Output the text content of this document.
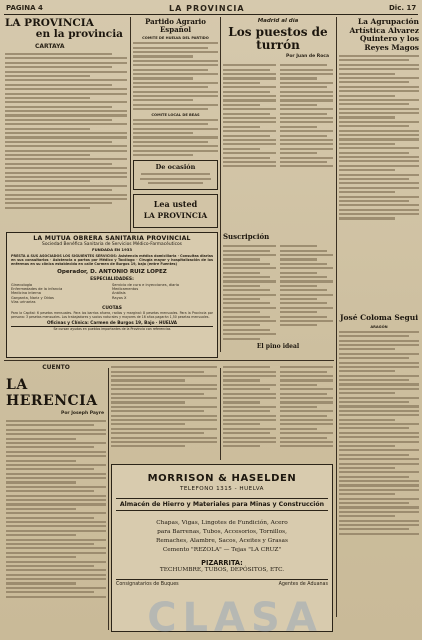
PAGINA 4	LA PROVINCIA	Dic. 17
LA PROVINCIA
en la provincia
CARTAYA
Partido Agrario Español
COMITE DE HUELVA DEL PARTIDO
COMITE LOCAL DE BEAS
De ocasión
Lea usted
LA PROVINCIA
Madrid al día
Los puestos de turrón
Por Juan de Roca
La Agrupación Artística Alvarez Quintero y los Reyes Magos
José Coloma Segui
ARAGÓN
LA MUTUA OBRERA SANITARIA PROVINCIAL
Sociedad Benéfica Sanitaria de Servicios Médico-Farmacéuticos
FUNDADA EN 1933
PRESTA A SUS ASOCIADOS LOS SIGUIENTES SERVICIOS: Asistencia médica domiciliaria · Consultas diarias en sus consultorios · Asistencia a partos por Médico y Tocólogo · Cirugía mayor y hospitalización de los enfermos en su clínica establecida en calle Carmen de Burgos 19, bajo (entre Fuentes)
Operador, D. ANTONIO RUIZ LOPEZ
ESPECIALIDADES:
Ginecología
Enfermedades de la infancia
Medicina interna
Garganta, Nariz y Oídos
Vías urinarias
Servicio de cura e inyecciones, diario
Medicamentos
Análisis
Rayos X
CUOTAS
Para la Capital: 6 pesetas mensuales. Para los barrios afuera, radios y marginal: 8 pesetas mensuales. Para la Provincia por persona: 3 pesetas mensuales. Los trabajadores y socios naturales y mayores de 16 años pagarán 1,50 pesetas mensuales.
Oficinas y Clínica: Carmen de Burgos 19, Bajo · HUELVA
Se cursan ayudas en pueblos importantes de la Provincia con referencias
Suscripción
El pino ideal
CUENTO
LA HERENCIA
Por Joseph Payre
MORRISON & HASELDEN
TELEFONO 1315 - HUELVA
Almacén de Hierro y Materiales para Minas y Construcción
Chapas, Vigas, Lingotes de Fundición, Acero
para Barrenas, Tubos, Accesorios, Tornillos,
Remaches, Alambre, Sacos, Aceites y Grasas
Cemento "REZOLA" — Tejas "LA CRUZ"
PIZARRITA:
TECHUMBRE, TUBOS, DEPÓSITOS, ETC.
Consignatarios de Buques	Agentes de Aduanas
CLASA
